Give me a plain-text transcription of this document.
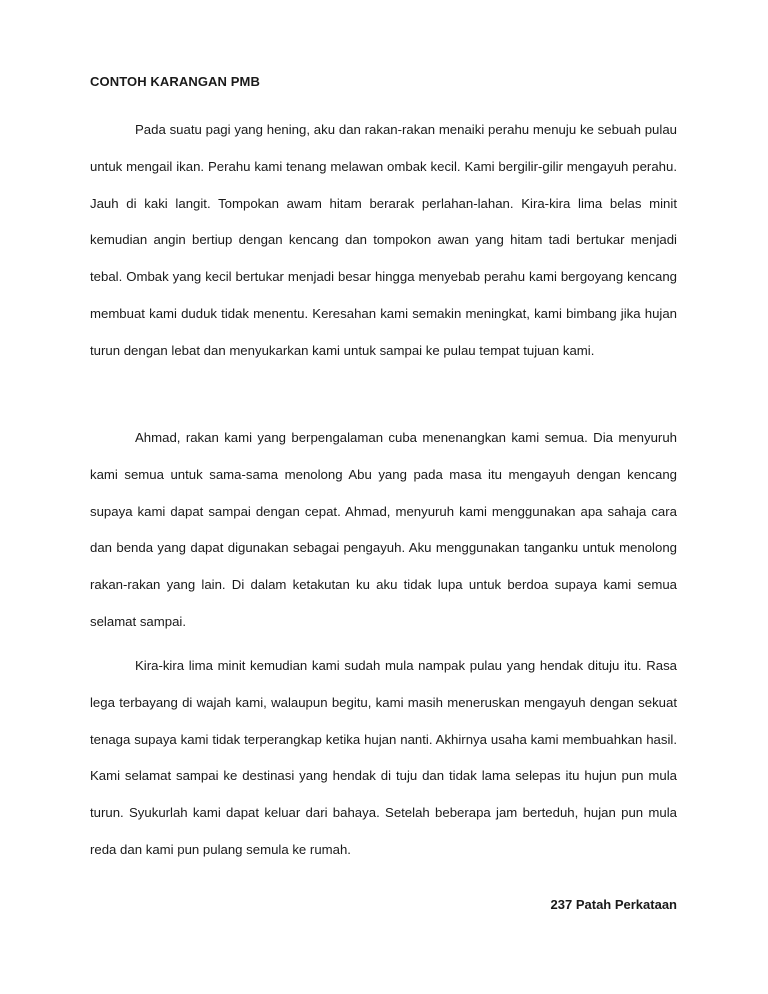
CONTOH KARANGAN PMB

Pada suatu pagi yang hening, aku dan rakan-rakan menaiki perahu menuju ke sebuah pulau untuk mengail ikan. Perahu kami tenang melawan ombak kecil. Kami bergilir-gilir mengayuh perahu. Jauh di kaki langit. Tompokan awam hitam berarak perlahan-lahan. Kira-kira lima belas minit kemudian angin bertiup dengan kencang dan tompokon awan yang hitam tadi bertukar menjadi tebal. Ombak yang kecil bertukar menjadi besar hingga menyebab perahu kami bergoyang kencang membuat kami duduk tidak menentu. Keresahan kami semakin meningkat, kami bimbang jika hujan turun dengan lebat dan menyukarkan kami untuk sampai ke pulau tempat tujuan kami.

Ahmad, rakan kami yang berpengalaman cuba menenangkan kami semua. Dia menyuruh kami semua untuk sama-sama menolong Abu yang pada masa itu mengayuh dengan kencang supaya kami dapat sampai dengan cepat. Ahmad, menyuruh kami menggunakan apa sahaja cara dan benda yang dapat digunakan sebagai pengayuh. Aku menggunakan tanganku untuk menolong rakan-rakan yang lain. Di dalam ketakutan ku aku tidak lupa untuk berdoa supaya kami semua selamat sampai.

Kira-kira lima minit kemudian kami sudah mula nampak pulau yang hendak dituju itu. Rasa lega terbayang di wajah kami, walaupun begitu, kami masih meneruskan mengayuh dengan sekuat tenaga supaya kami tidak terperangkap ketika hujan nanti. Akhirnya usaha kami membuahkan hasil. Kami selamat sampai ke destinasi yang hendak di tuju dan tidak lama selepas itu hujun pun mula turun. Syukurlah kami dapat keluar dari bahaya. Setelah beberapa jam berteduh, hujan pun mula reda dan kami pun pulang semula ke rumah.

237 Patah Perkataan
